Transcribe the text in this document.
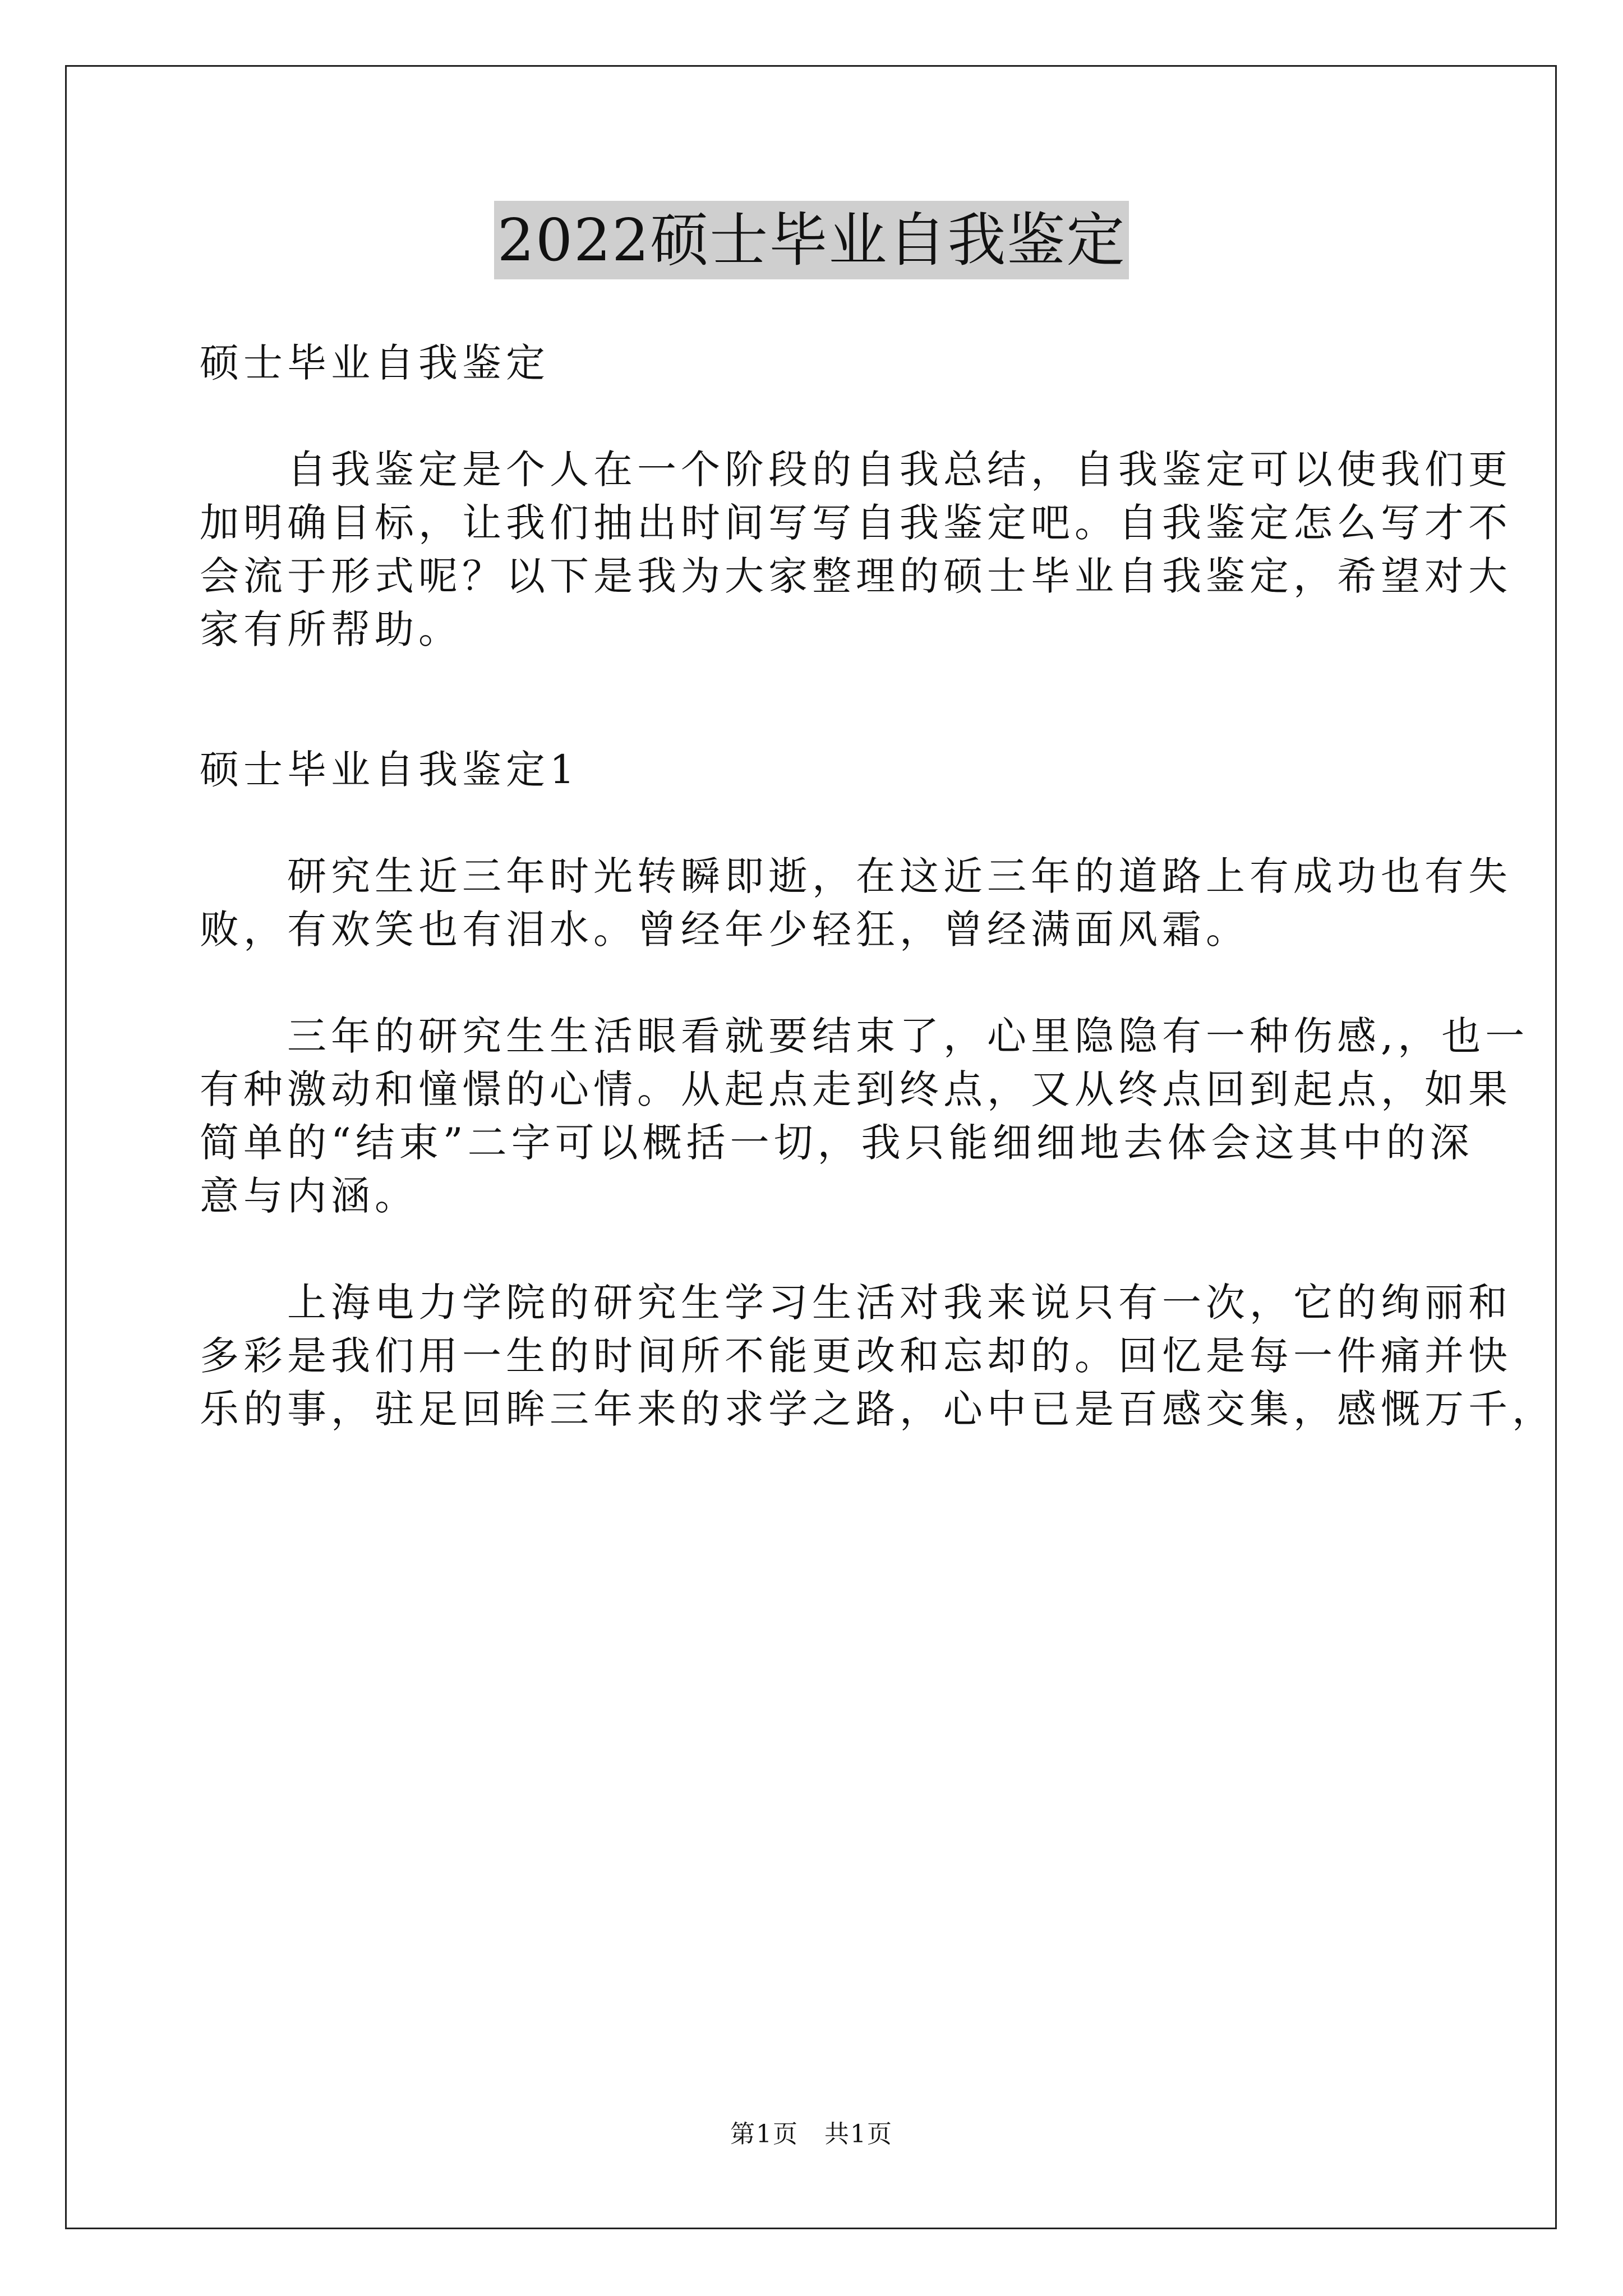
2022硕士毕业自我鉴定
硕士毕业自我鉴定
　　自我鉴定是个人在一个阶段的自我总结，自我鉴定可以使我们更
加明确目标，让我们抽出时间写写自我鉴定吧。自我鉴定怎么写才不
会流于形式呢？以下是我为大家整理的硕士毕业自我鉴定，希望对大
家有所帮助。
硕士毕业自我鉴定1
　　研究生近三年时光转瞬即逝，在这近三年的道路上有成功也有失
败，有欢笑也有泪水。曾经年少轻狂，曾经满面风霜。
　　三年的研究生生活眼看就要结束了，心里隐隐有一种伤感,，也一
有种激动和憧憬的心情。从起点走到终点，又从终点回到起点，如果
简单的“结束”二字可以概括一切，我只能细细地去体会这其中的深
意与内涵。
　　上海电力学院的研究生学习生活对我来说只有一次，它的绚丽和
多彩是我们用一生的时间所不能更改和忘却的。回忆是每一件痛并快
乐的事，驻足回眸三年来的求学之路，心中已是百感交集，感慨万千，
第1页　共1页
